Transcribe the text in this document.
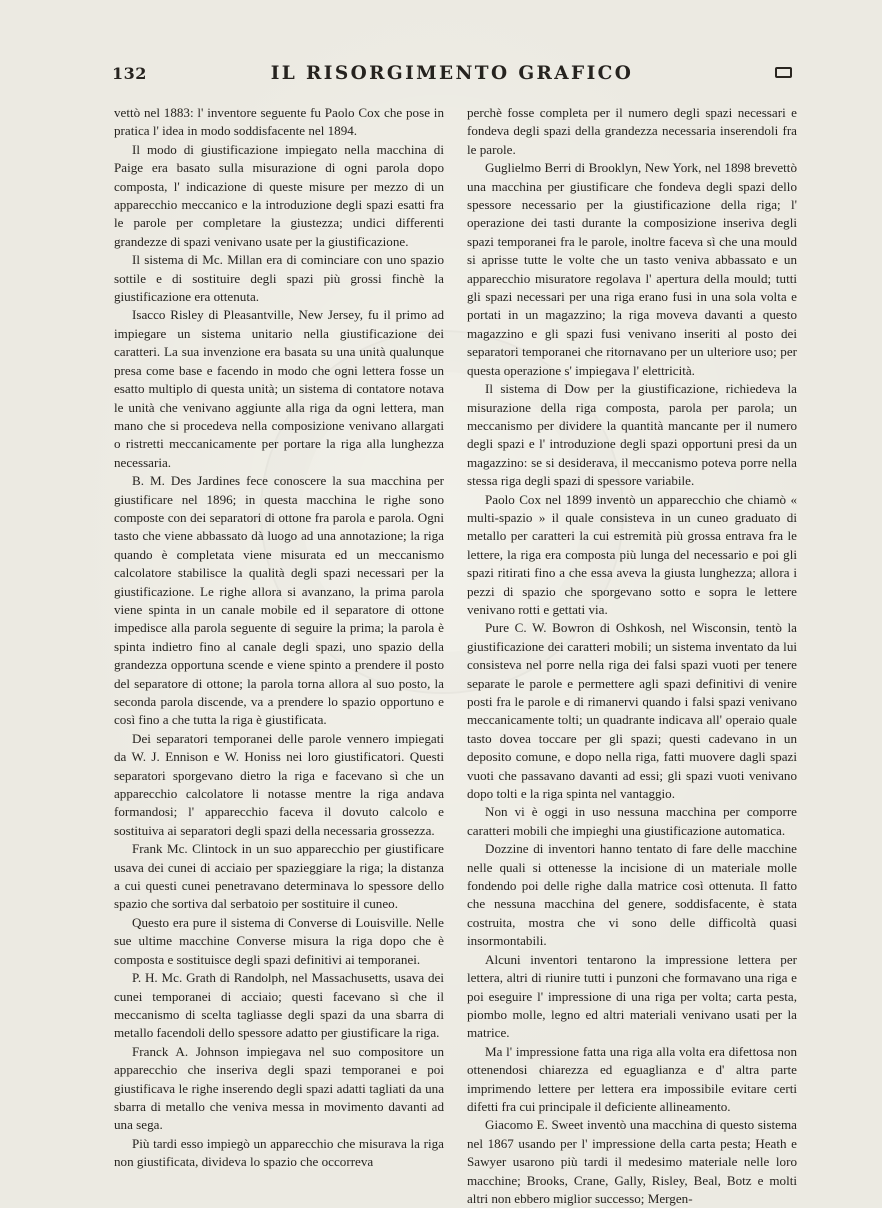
132	IL RISORGIMENTO GRAFICO

vettò nel 1883: l' inventore seguente fu Paolo Cox che pose in pratica l' idea in modo soddisfacente nel 1894.

Il modo di giustificazione impiegato nella macchina di Paige era basato sulla misurazione di ogni parola dopo composta, l' indicazione di queste misure per mezzo di un apparecchio meccanico e la introduzione degli spazi esatti fra le parole per completare la giustezza; undici differenti grandezze di spazi venivano usate per la giustificazione.

Il sistema di Mc. Millan era di cominciare con uno spazio sottile e di sostituire degli spazi più grossi finchè la giustificazione era ottenuta.

Isacco Risley di Pleasantville, New Jersey, fu il primo ad impiegare un sistema unitario nella giustificazione dei caratteri. La sua invenzione era basata su una unità qualunque presa come base e facendo in modo che ogni lettera fosse un esatto multiplo di questa unità; un sistema di contatore notava le unità che venivano aggiunte alla riga da ogni lettera, man mano che si procedeva nella composizione venivano allargati o ristretti meccanicamente per portare la riga alla lunghezza necessaria.

B. M. Des Jardines fece conoscere la sua macchina per giustificare nel 1896; in questa macchina le righe sono composte con dei separatori di ottone fra parola e parola. Ogni tasto che viene abbassato dà luogo ad una annotazione; la riga quando è completata viene misurata ed un meccanismo calcolatore stabilisce la qualità degli spazi necessari per la giustificazione. Le righe allora si avanzano, la prima parola viene spinta in un canale mobile ed il separatore di ottone impedisce alla parola seguente di seguire la prima; la parola è spinta indietro fino al canale degli spazi, uno spazio della grandezza opportuna scende e viene spinto a prendere il posto del separatore di ottone; la parola torna allora al suo posto, la seconda parola discende, va a prendere lo spazio opportuno e così fino a che tutta la riga è giustificata.

Dei separatori temporanei delle parole vennero impiegati da W. J. Ennison e W. Honiss nei loro giustificatori. Questi separatori sporgevano dietro la riga e facevano sì che un apparecchio calcolatore li notasse mentre la riga andava formandosi; l' apparecchio faceva il dovuto calcolo e sostituiva ai separatori degli spazi della necessaria grossezza.

Frank Mc. Clintock in un suo apparecchio per giustificare usava dei cunei di acciaio per spazieggiare la riga; la distanza a cui questi cunei penetravano determinava lo spessore dello spazio che sortiva dal serbatoio per sostituire il cuneo.

Questo era pure il sistema di Converse di Louisville. Nelle sue ultime macchine Converse misura la riga dopo che è composta e sostituisce degli spazi definitivi ai temporanei.

P. H. Mc. Grath di Randolph, nel Massachusetts, usava dei cunei temporanei di acciaio; questi facevano sì che il meccanismo di scelta tagliasse degli spazi da una sbarra di metallo facendoli dello spessore adatto per giustificare la riga.

Franck A. Johnson impiegava nel suo compositore un apparecchio che inseriva degli spazi temporanei e poi giustificava le righe inserendo degli spazi adatti tagliati da una sbarra di metallo che veniva messa in movimento davanti ad una sega.

Più tardi esso impiegò un apparecchio che misurava la riga non giustificata, divideva lo spazio che occorreva

perchè fosse completa per il numero degli spazi necessari e fondeva degli spazi della grandezza necessaria inserendoli fra le parole.

Guglielmo Berri di Brooklyn, New York, nel 1898 brevettò una macchina per giustificare che fondeva degli spazi dello spessore necessario per la giustificazione della riga; l' operazione dei tasti durante la composizione inseriva degli spazi temporanei fra le parole, inoltre faceva sì che una mould si aprisse tutte le volte che un tasto veniva abbassato e un apparecchio misuratore regolava l' apertura della mould; tutti gli spazi necessari per una riga erano fusi in una sola volta e portati in un magazzino; la riga moveva davanti a questo magazzino e gli spazi fusi venivano inseriti al posto dei separatori temporanei che ritornavano per un ulteriore uso; per questa operazione s' impiegava l' elettricità.

Il sistema di Dow per la giustificazione, richiedeva la misurazione della riga composta, parola per parola; un meccanismo per dividere la quantità mancante per il numero degli spazi e l' introduzione degli spazi opportuni presi da un magazzino: se si desiderava, il meccanismo poteva porre nella stessa riga degli spazi di spessore variabile.

Paolo Cox nel 1899 inventò un apparecchio che chiamò « multi-spazio » il quale consisteva in un cuneo graduato di metallo per caratteri la cui estremità più grossa entrava fra le lettere, la riga era composta più lunga del necessario e poi gli spazi ritirati fino a che essa aveva la giusta lunghezza; allora i pezzi di spazio che sporgevano sotto e sopra le lettere venivano rotti e gettati via.

Pure C. W. Bowron di Oshkosh, nel Wisconsin, tentò la giustificazione dei caratteri mobili; un sistema inventato da lui consisteva nel porre nella riga dei falsi spazi vuoti per tenere separate le parole e permettere agli spazi definitivi di venire posti fra le parole e di rimanervi quando i falsi spazi venivano meccanicamente tolti; un quadrante indicava all' operaio quale tasto dovea toccare per gli spazi; questi cadevano in un deposito comune, e dopo nella riga, fatti muovere dagli spazi vuoti che passavano davanti ad essi; gli spazi vuoti venivano dopo tolti e la riga spinta nel vantaggio.

Non vi è oggi in uso nessuna macchina per comporre caratteri mobili che impieghi una giustificazione automatica.

Dozzine di inventori hanno tentato di fare delle macchine nelle quali si ottenesse la incisione di un materiale molle fondendo poi delle righe dalla matrice così ottenuta. Il fatto che nessuna macchina del genere, soddisfacente, è stata costruita, mostra che vi sono delle difficoltà quasi insormontabili.

Alcuni inventori tentarono la impressione lettera per lettera, altri di riunire tutti i punzoni che formavano una riga e poi eseguire l' impressione di una riga per volta; carta pesta, piombo molle, legno ed altri materiali venivano usati per la matrice.

Ma l' impressione fatta una riga alla volta era difettosa non ottenendosi chiarezza ed eguaglianza e d' altra parte imprimendo lettere per lettera era impossibile evitare certi difetti fra cui principale il deficiente allineamento.

Giacomo E. Sweet inventò una macchina di questo sistema nel 1867 usando per l' impressione della carta pesta; Heath e Sawyer usarono più tardi il medesimo materiale nelle loro macchine; Brooks, Crane, Gally, Risley, Beal, Botz e molti altri non ebbero miglior successo; Mergen-
